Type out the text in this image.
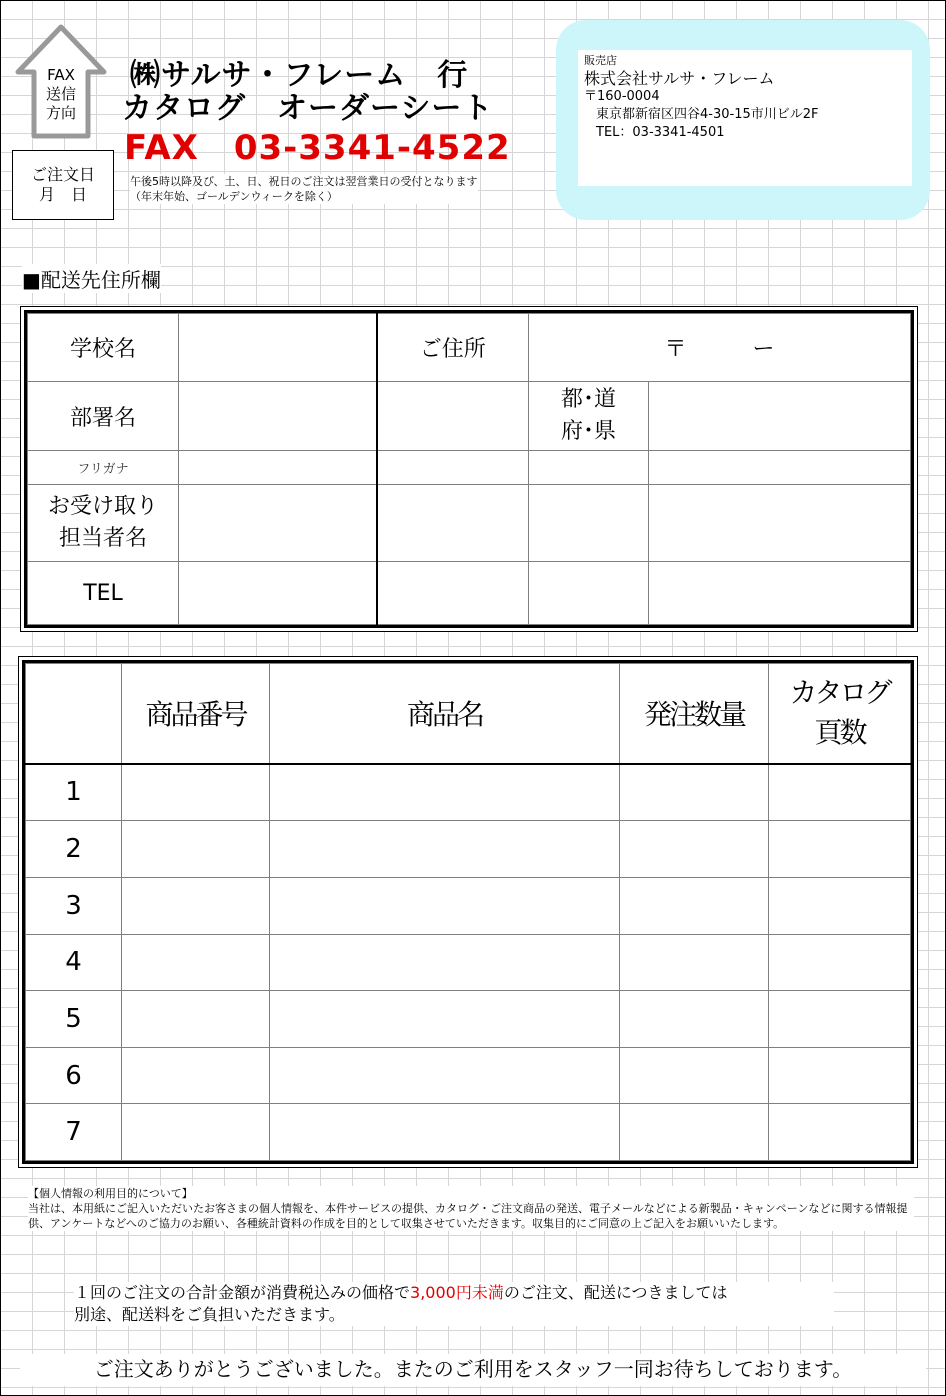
FAX
送信
方向
ご注文日
月　日
㈱サルサ・フレーム　行
カタログ　オーダーシート
FAX　03-3341-4522
午後5時以降及び、土、日、祝日のご注文は翌営業日の受付となります
（年末年始、ゴールデンウィークを除く）
販売店
株式会社サルサ・フレーム
〒160-0004
東京都新宿区四谷4-30-15市川ビル2F
TEL：03-3341-4501
■配送先住所欄
学校名		ご住所	〒　　　ー	
部署名			都･道
府･県	

フリガナ				

お受け取り
担当者名				

TEL				
	商品番号	商品名	発注数量	カタログ
頁数

1				
2				
3				
4				
5				
6				
7				
【個人情報の利用目的について】
当社は、本用紙にご記入いただいたお客さまの個人情報を、本件サービスの提供、カタログ・ご注文商品の発送、電子メールなどによる新製品・キャンペーンなどに関する情報提供、アンケートなどへのご協力のお願い、各種統計資料の作成を目的として収集させていただきます。収集目的にご同意の上ご記入をお願いいたします。
１回のご注文の合計金額が消費税込みの価格で3,000円未満のご注文、配送につきましては
別途、配送料をご負担いただきます。
ご注文ありがとうございました。またのご利用をスタッフ一同お待ちしております。
